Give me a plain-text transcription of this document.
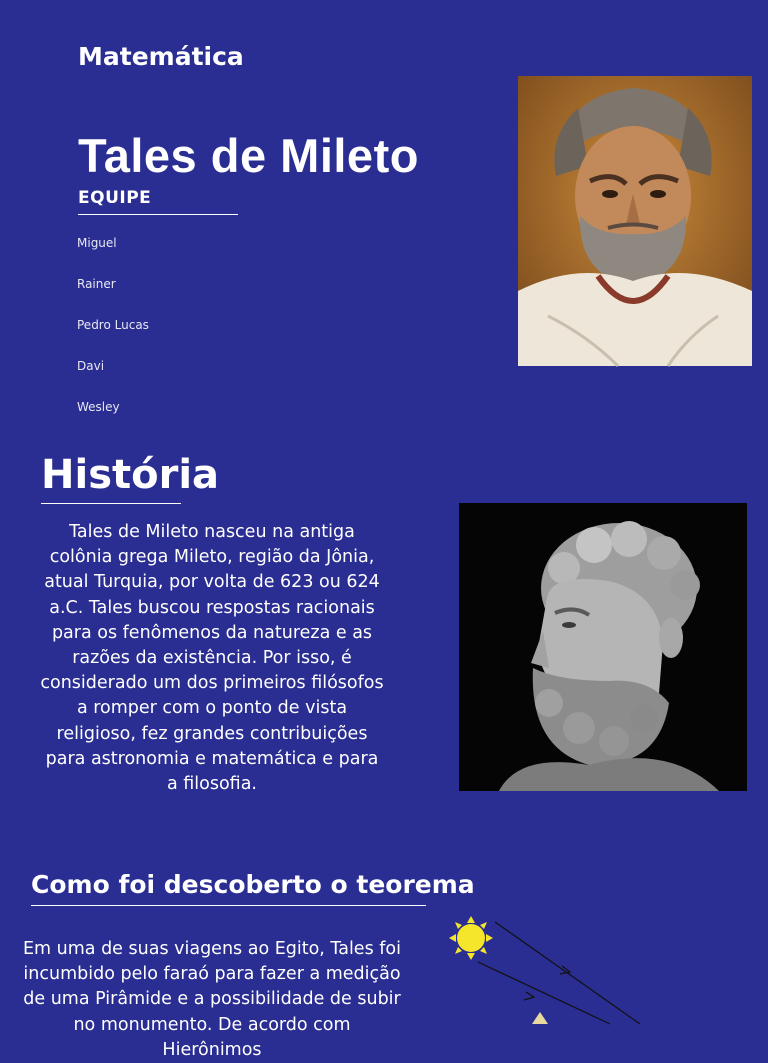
Matemática
Tales de Mileto
EQUIPE

Miguel

Rainer

Pedro Lucas

Davi

Wesley

História

Tales de Mileto nasceu na antiga colônia grega Mileto, região da Jônia, atual Turquia, por volta de 623 ou 624 a.C. Tales buscou respostas racionais para os fenômenos da natureza e as razões da existência. Por isso, é considerado um dos primeiros filósofos a romper com o ponto de vista religioso, fez grandes contribuições para astronomia e matemática e para a filosofia.

Como foi descoberto o teorema

Em uma de suas viagens ao Egito, Tales foi incumbido pelo faraó para fazer a medição de uma Pirâmide e a possibilidade de subir no monumento. De acordo com Hierônimos
